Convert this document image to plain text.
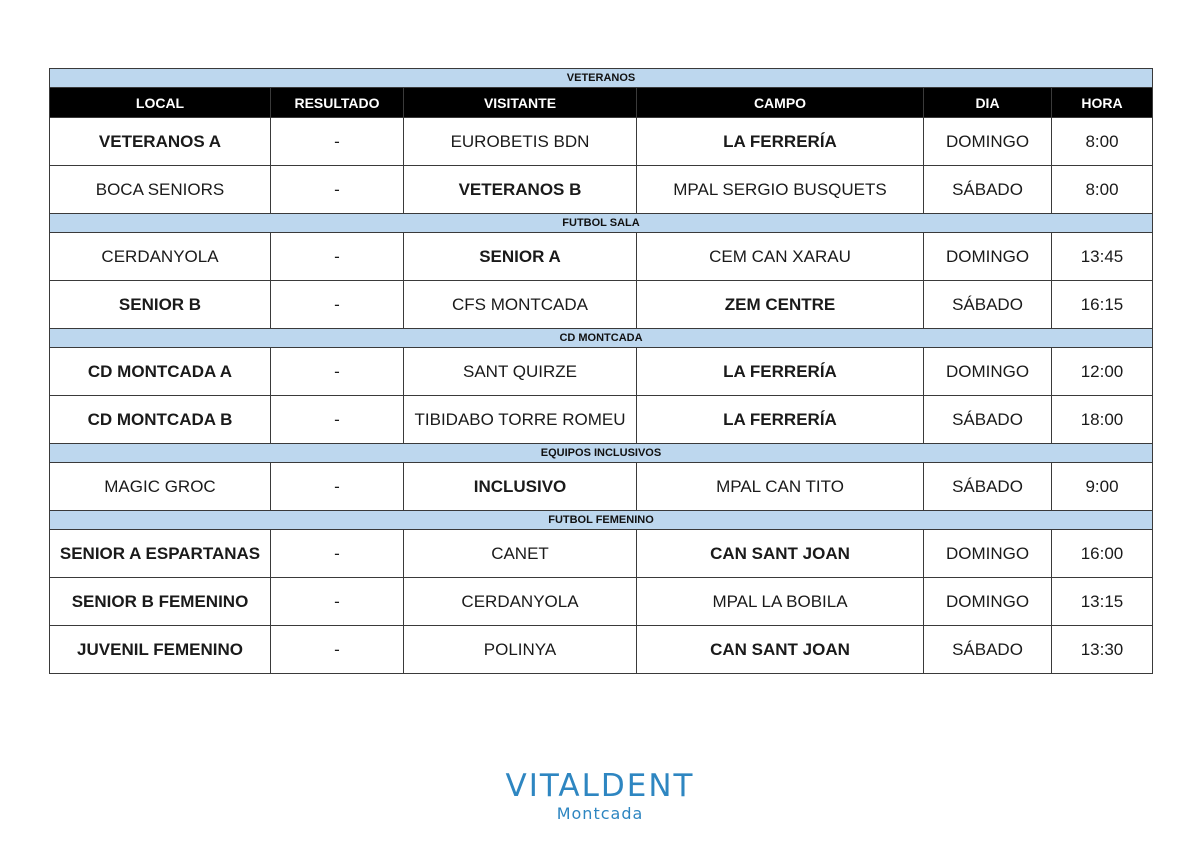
VETERANOS					
LOCAL	RESULTADO	VISITANTE	CAMPO	DIA	HORA
VETERANOS A	-	EUROBETIS BDN	LA FERRERÍA	DOMINGO	8:00
BOCA SENIORS	-	VETERANOS B	MPAL SERGIO BUSQUETS	SÁBADO	8:00
FUTBOL SALA					
CERDANYOLA	-	SENIOR A	CEM CAN XARAU	DOMINGO	13:45
SENIOR B	-	CFS MONTCADA	ZEM CENTRE	SÁBADO	16:15
CD MONTCADA					
CD MONTCADA A	-	SANT QUIRZE	LA FERRERÍA	DOMINGO	12:00
CD MONTCADA B	-	TIBIDABO TORRE ROMEU	LA FERRERÍA	SÁBADO	18:00
EQUIPOS INCLUSIVOS					
MAGIC GROC	-	INCLUSIVO	MPAL CAN TITO	SÁBADO	9:00
FUTBOL FEMENINO					
SENIOR A ESPARTANAS	-	CANET	CAN SANT JOAN	DOMINGO	16:00
SENIOR B FEMENINO	-	CERDANYOLA	MPAL LA BOBILA	DOMINGO	13:15
JUVENIL FEMENINO	-	POLINYA	CAN SANT JOAN	SÁBADO	13:30
VITALDENT
Montcada
